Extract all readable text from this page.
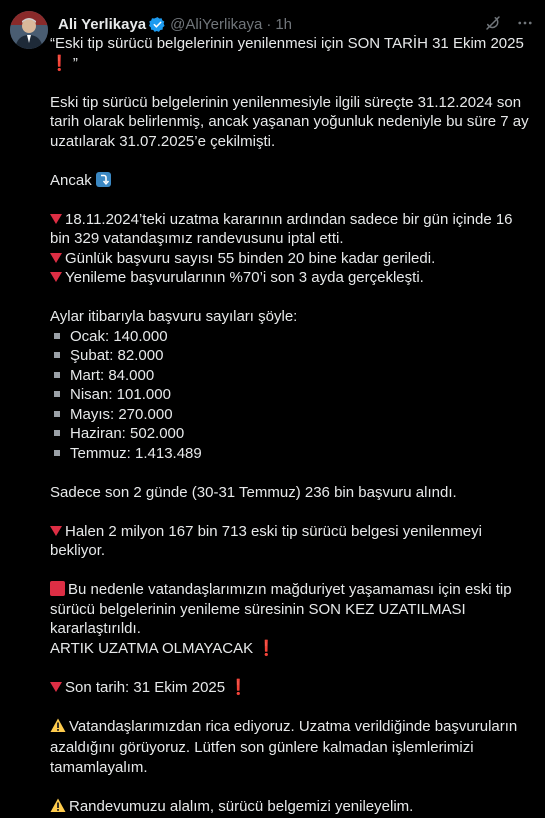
Ali Yerlikaya @AliYerlikaya · 1h

“Eski tip sürücü belgelerinin yenilenmesi için SON TARİH 31 Ekim 2025 ❗ ”

Eski tip sürücü belgelerinin yenilenmesiyle ilgili süreçte 31.12.2024 son tarih olarak belirlenmiş, ancak yaşanan yoğunluk nedeniyle bu süre 7 ay uzatılarak 31.07.2025’e çekilmişti.

Ancak

18.11.2024’teki uzatma kararının ardından sadece bir gün içinde 16 bin 329 vatandaşımız randevusunu iptal etti.

Günlük başvuru sayısı 55 binden 20 bine kadar geriledi.

Yenileme başvurularının %70’i son 3 ayda gerçekleşti.

Aylar itibarıyla başvuru sayıları şöyle:

Ocak: 140.000

Şubat: 82.000

Mart: 84.000

Nisan: 101.000

Mayıs: 270.000

Haziran: 502.000

Temmuz: 1.413.489

Sadece son 2 günde (30-31 Temmuz) 236 bin başvuru alındı.

Halen 2 milyon 167 bin 713 eski tip sürücü belgesi yenilenmeyi bekliyor.

Bu nedenle vatandaşlarımızın mağduriyet yaşamaması için eski tip sürücü belgelerinin yenileme süresinin SON KEZ UZATILMASI kararlaştırıldı.

ARTIK UZATMA OLMAYACAK ❗

Son tarih: 31 Ekim 2025 ❗

Vatandaşlarımızdan rica ediyoruz. Uzatma verildiğinde başvuruların azaldığını görüyoruz. Lütfen son günlere kalmadan işlemlerimizi tamamlayalım.

Randevumuzu alalım, sürücü belgemizi yenileyelim.
